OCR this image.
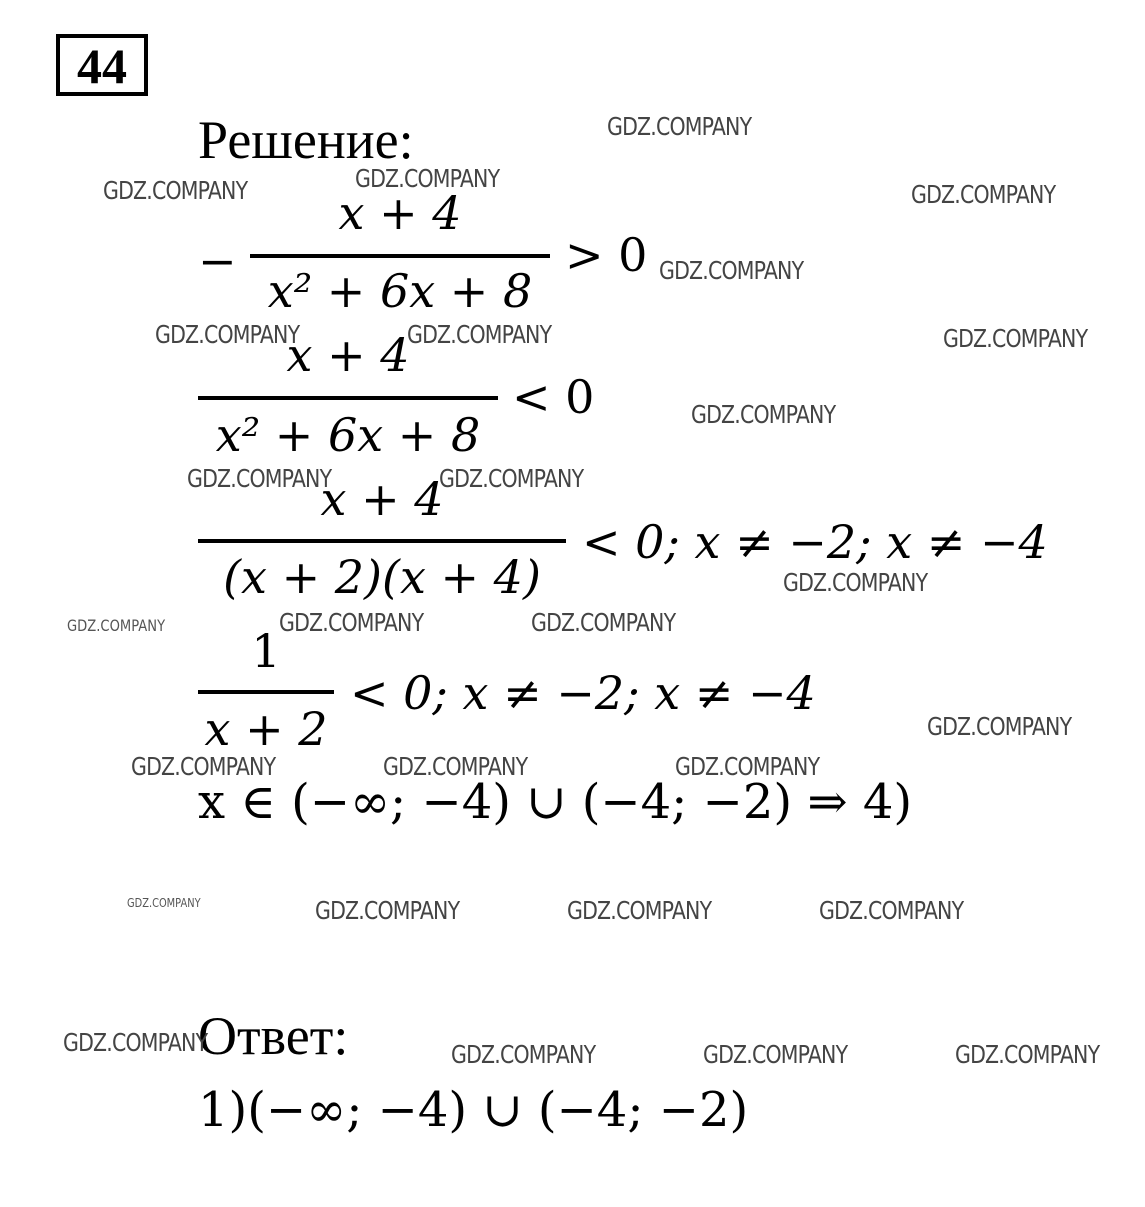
44
Решение:
−
x + 4
x² + 6x + 8
> 0
x + 4
x² + 6x + 8
< 0
x + 4
(x + 2)(x + 4)
< 0; x ≠ −2; x ≠ −4
1
x + 2
< 0; x ≠ −2; x ≠ −4
x ∈ (−∞; −4) ∪ (−4; −2) ⇒ 4)
Ответ:
1)(−∞; −4) ∪ (−4; −2)
GDZ.COMPANY
GDZ.COMPANY	GDZ.COMPANY
GDZ.COMPANY
GDZ.COMPANY
GDZ.COMPANY	GDZ.COMPANY	GDZ.COMPANY
GDZ.COMPANY
GDZ.COMPANY	GDZ.COMPANY
GDZ.COMPANY
GDZ.COMPANY	GDZ.COMPANY	GDZ.COMPANY
GDZ.COMPANY
GDZ.COMPANY	GDZ.COMPANY	GDZ.COMPANY
GDZ.COMPANY	GDZ.COMPANY	GDZ.COMPANY	GDZ.COMPANY
GDZ.COMPANY	GDZ.COMPANY	GDZ.COMPANY	GDZ.COMPANY
